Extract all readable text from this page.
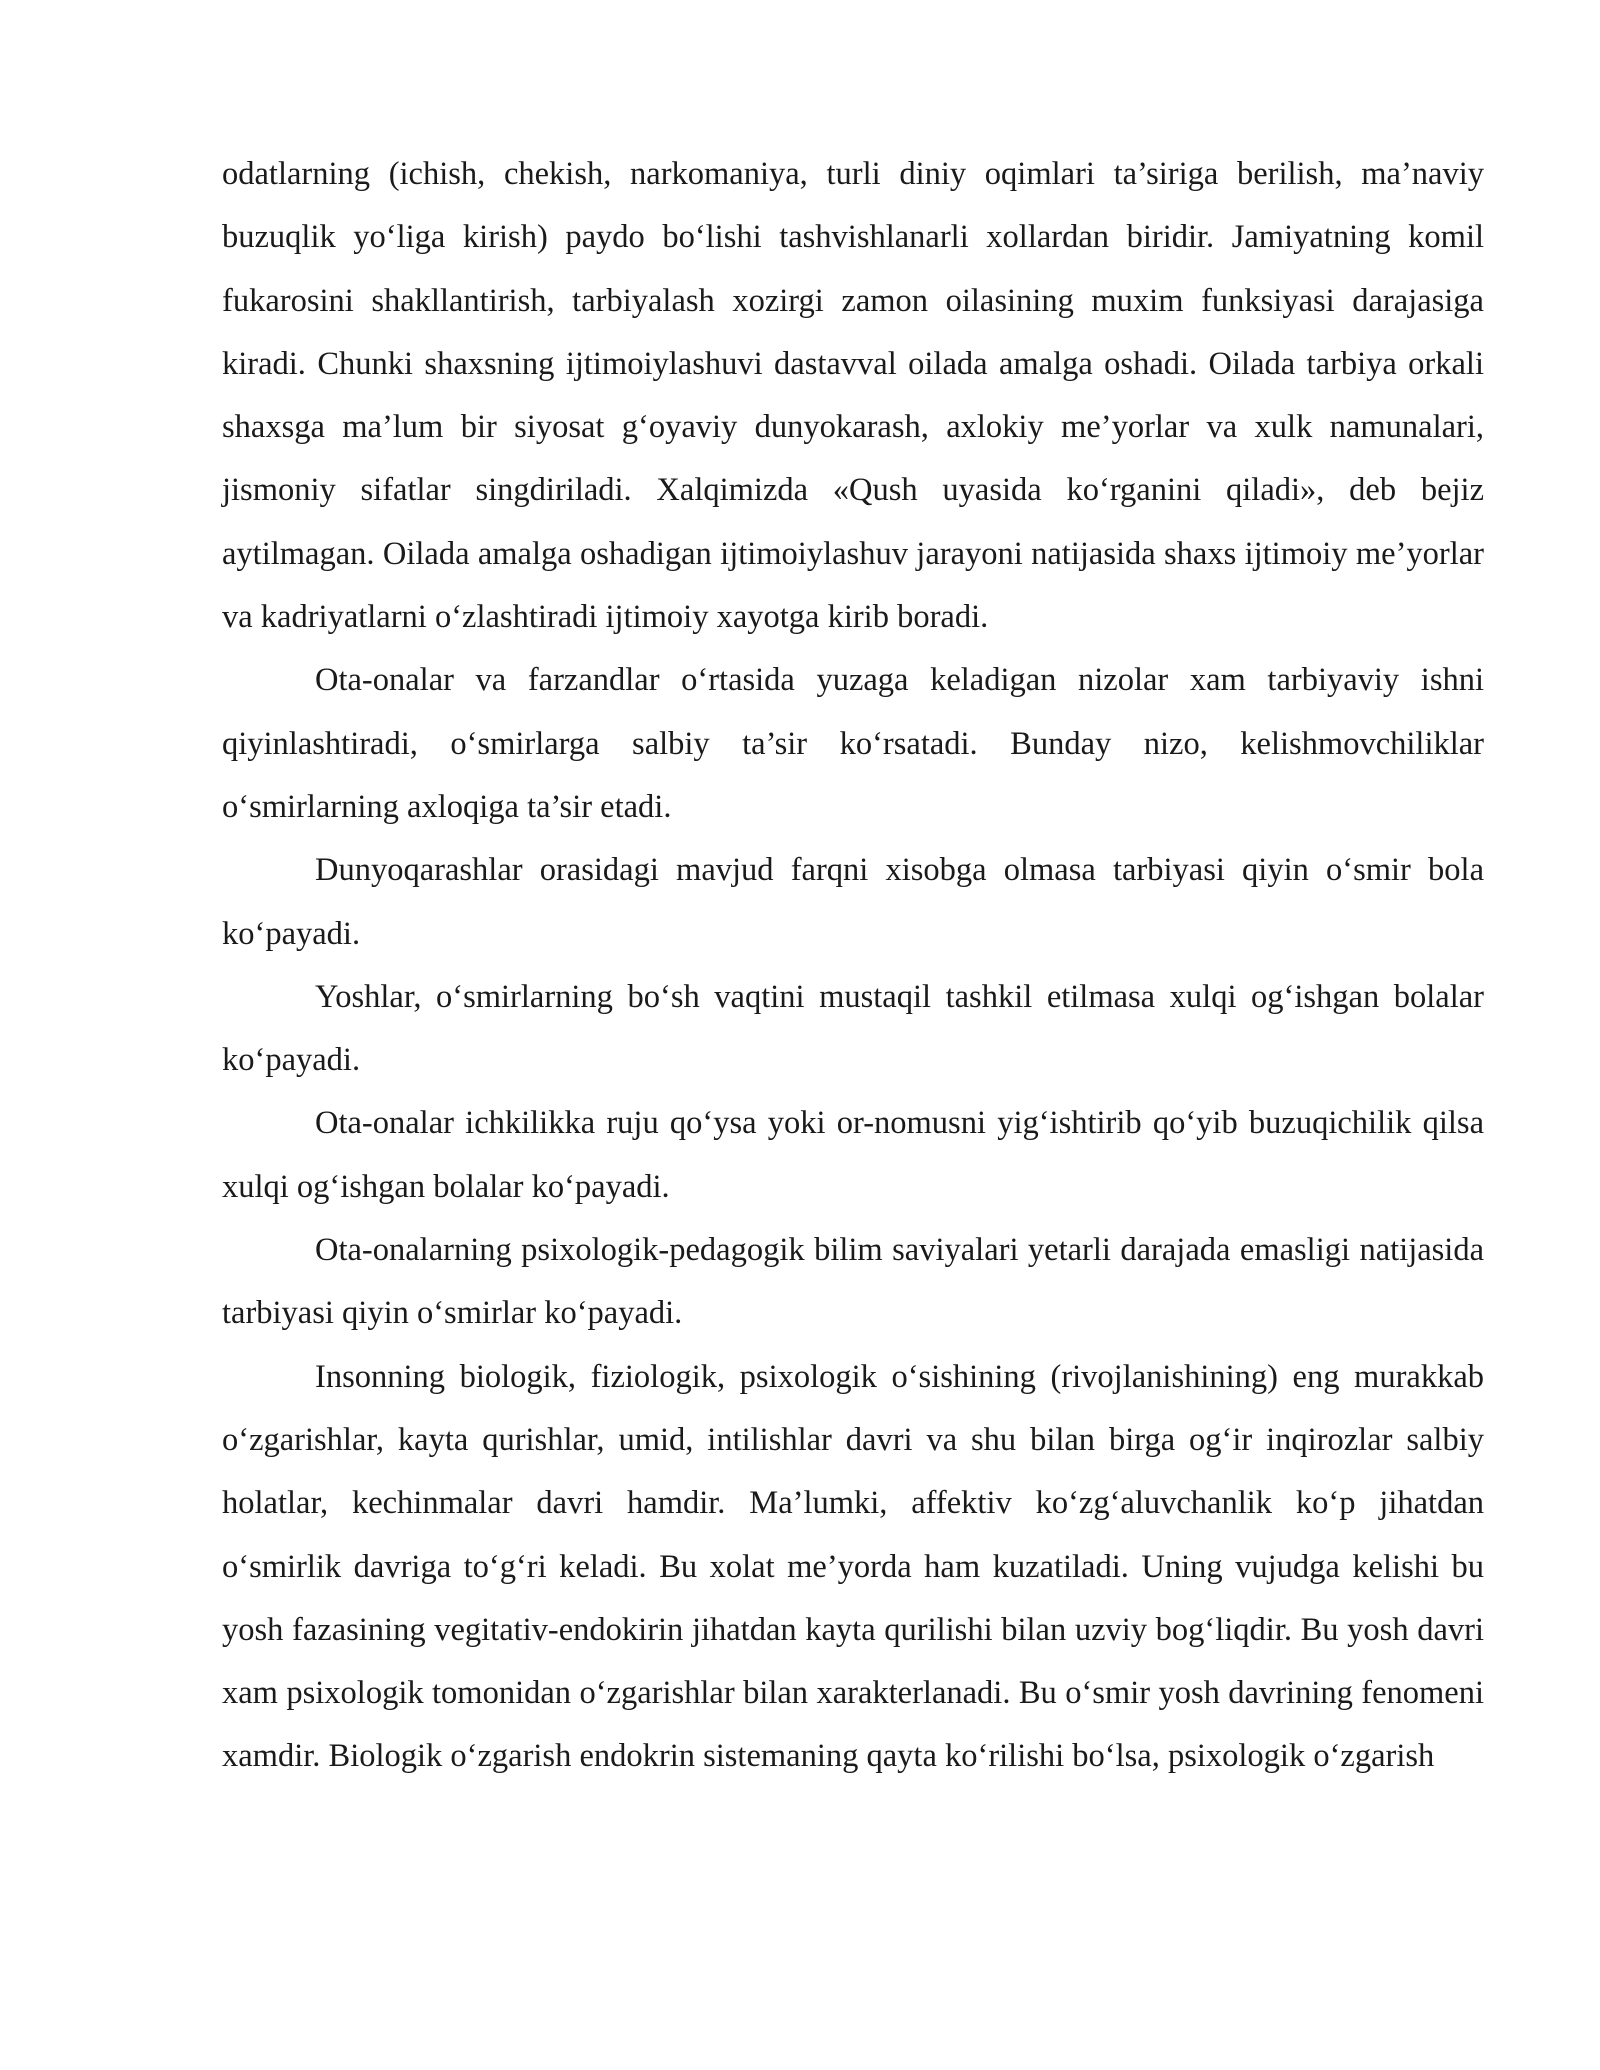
odatlarning (ichish, chekish, narkomaniya, turli diniy oqimlari ta’siriga berilish, ma’naviy buzuqlik yo‘liga kirish) paydo bo‘lishi tashvishlanarli xollardan biridir. Jamiyatning komil fukarosini shakllantirish, tarbiyalash xozirgi zamon oilasining muxim funksiyasi darajasiga kiradi. Chunki shaxsning ijtimoiylashuvi dastavval oilada amalga oshadi. Oilada tarbiya orkali shaxsga ma’lum bir siyosat g‘oyaviy dunyokarash, axlokiy me’yorlar va xulk namunalari, jismoniy sifatlar singdiriladi. Xalqimizda «Qush uyasida ko‘rganini qiladi», deb bejiz aytilmagan. Oilada amalga oshadigan ijtimoiylashuv jarayoni natijasida shaxs ijtimoiy me’yorlar va kadriyatlarni o‘zlashtiradi ijtimoiy xayotga kirib boradi.

Ota-onalar va farzandlar o‘rtasida yuzaga keladigan nizolar xam tarbiyaviy ishni qiyinlashtiradi, o‘smirlarga salbiy ta’sir ko‘rsatadi. Bunday nizo, kelishmovchiliklar o‘smirlarning axloqiga ta’sir etadi.

Dunyoqarashlar orasidagi mavjud farqni xisobga olmasa tarbiyasi qiyin o‘smir bola ko‘payadi.

Yoshlar, o‘smirlarning bo‘sh vaqtini mustaqil tashkil etilmasa xulqi og‘ishgan bolalar ko‘payadi.

Ota-onalar ichkilikka ruju qo‘ysa yoki or-nomusni yig‘ishtirib qo‘yib buzuqichilik qilsa xulqi og‘ishgan bolalar ko‘payadi.

Ota-onalarning psixologik-pedagogik bilim saviyalari yetarli darajada emasligi natijasida tarbiyasi qiyin o‘smirlar ko‘payadi.

Insonning biologik, fiziologik, psixologik o‘sishining (rivojlanishining) eng murakkab o‘zgarishlar, kayta qurishlar, umid, intilishlar davri va shu bilan birga og‘ir inqirozlar salbiy holatlar, kechinmalar davri hamdir. Ma’lumki, affektiv ko‘zg‘aluvchanlik ko‘p jihatdan o‘smirlik davriga to‘g‘ri keladi. Bu xolat me’yorda ham kuzatiladi. Uning vujudga kelishi bu yosh fazasining vegitativ-endokirin jihatdan kayta qurilishi bilan uzviy bog‘liqdir. Bu yosh davri xam psixologik tomonidan o‘zgarishlar bilan xarakterlanadi. Bu o‘smir yosh davrining fenomeni xamdir. Biologik o‘zgarish endokrin sistemaning qayta ko‘rilishi bo‘lsa, psixologik o‘zgarish
